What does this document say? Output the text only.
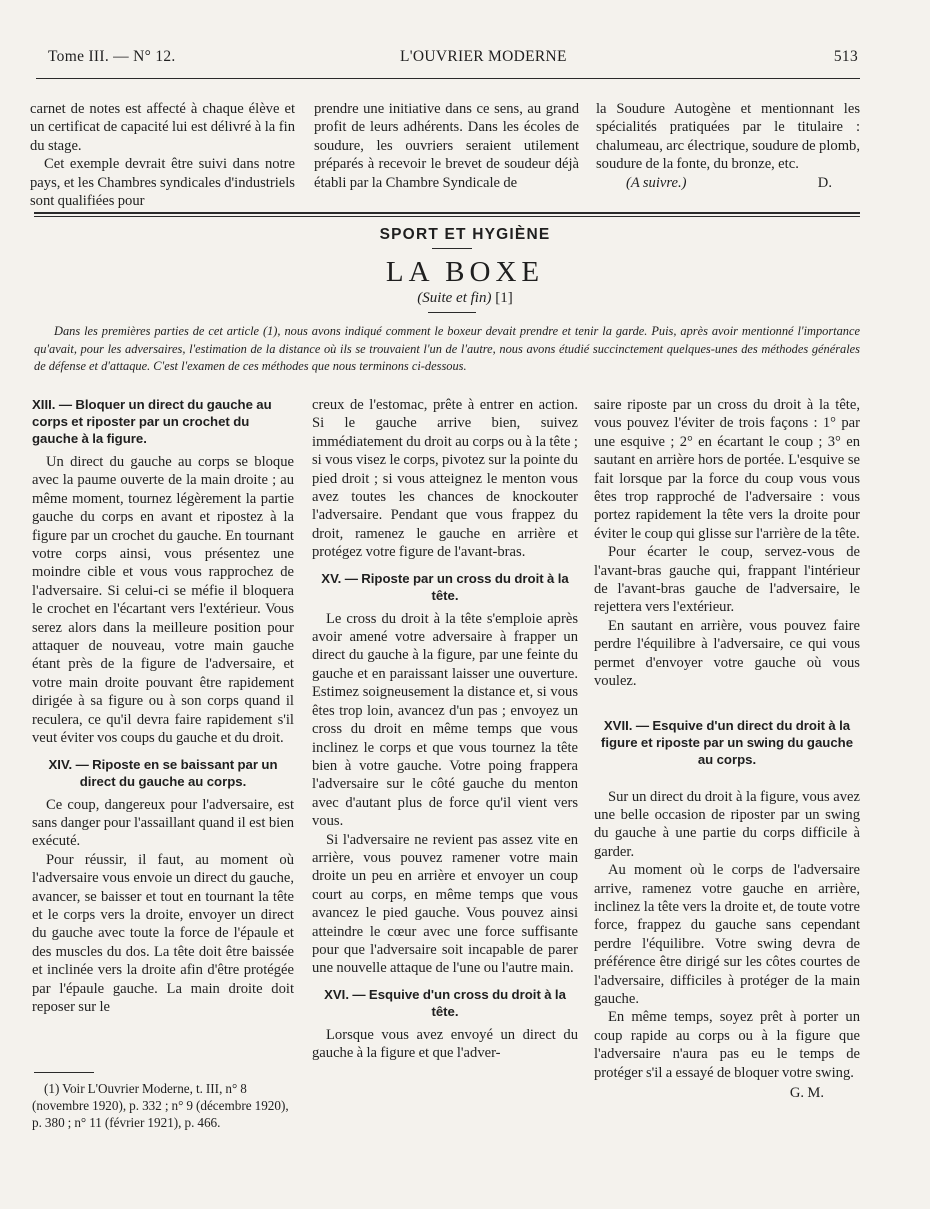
Tome III. — N° 12.	L'OUVRIER MODERNE	513

carnet de notes est affecté à chaque élève et un certificat de capacité lui est délivré à la fin du stage.

Cet exemple devrait être suivi dans notre pays, et les Chambres syndicales d'industriels sont qualifiées pour

prendre une initiative dans ce sens, au grand profit de leurs adhérents. Dans les écoles de soudure, les ouvriers seraient utilement préparés à recevoir le brevet de soudeur déjà établi par la Chambre Syndicale de

la Soudure Autogène et mentionnant les spécialités pratiquées par le titulaire : chalumeau, arc électrique, soudure de plomb, soudure de la fonte, du bronze, etc.

(A suivre.)	D.
SPORT ET HYGIÈNE
LA BOXE
(Suite et fin) [1]
Dans les premières parties de cet article (1), nous avons indiqué comment le boxeur devait prendre et tenir la garde. Puis, après avoir mentionné l'importance qu'avait, pour les adversaires, l'estimation de la distance où ils se trouvaient l'un de l'autre, nous avons étudié succinctement quelques-unes des méthodes générales de défense et d'attaque. C'est l'examen de ces méthodes que nous terminons ci-dessous.
XIII. — Bloquer un direct du gauche au corps et riposter par un crochet du gauche à la figure.

Un direct du gauche au corps se bloque avec la paume ouverte de la main droite ; au même moment, tournez légèrement la partie gauche du corps en avant et ripostez à la figure par un crochet du gauche. En tournant votre corps ainsi, vous présentez une moindre cible et vous vous rapprochez de l'adversaire. Si celui-ci se méfie il bloquera le crochet en l'écartant vers l'extérieur. Vous serez alors dans la meilleure position pour attaquer de nouveau, votre main gauche étant près de la figure de l'adversaire, et votre main droite pouvant être rapidement dirigée à sa figure ou à son corps quand il reculera, ce qu'il devra faire rapidement s'il veut éviter vos coups du gauche et du droit.

XIV. — Riposte en se baissant par un direct du gauche au corps.

Ce coup, dangereux pour l'adversaire, est sans danger pour l'assaillant quand il est bien exécuté.

Pour réussir, il faut, au moment où l'adversaire vous envoie un direct du gauche, avancer, se baisser et tout en tournant la tête et le corps vers la droite, envoyer un direct du gauche avec toute la force de l'épaule et des muscles du dos. La tête doit être baissée et inclinée vers la droite afin d'être protégée par l'épaule gauche. La main droite doit reposer sur le

(1) Voir L'Ouvrier Moderne, t. III, n° 8 (novembre 1920), p. 332 ; n° 9 (décembre 1920), p. 380 ; n° 11 (février 1921), p. 466.

creux de l'estomac, prête à entrer en action. Si le gauche arrive bien, suivez immédiatement du droit au corps ou à la tête ; si vous visez le corps, pivotez sur la pointe du pied droit ; si vous atteignez le menton vous avez toutes les chances de knockouter l'adversaire. Pendant que vous frappez du droit, ramenez le gauche en arrière et protégez votre figure de l'avant-bras.

XV. — Riposte par un cross du droit à la tête.

Le cross du droit à la tête s'emploie après avoir amené votre adversaire à frapper un direct du gauche à la figure, par une feinte du gauche et en paraissant laisser une ouverture. Estimez soigneusement la distance et, si vous êtes trop loin, avancez d'un pas ; envoyez un cross du droit en même temps que vous inclinez le corps et que vous tournez la tête bien à votre gauche. Votre poing frappera l'adversaire sur le côté gauche du menton avec d'autant plus de force qu'il vient vers vous.

Si l'adversaire ne revient pas assez vite en arrière, vous pouvez ramener votre main droite un peu en arrière et envoyer un coup court au corps, en même temps que vous avancez le pied gauche. Vous pouvez ainsi atteindre le cœur avec une force suffisante pour que l'adversaire soit incapable de parer une nouvelle attaque de l'une ou l'autre main.

XVI. — Esquive d'un cross du droit à la tête.

Lorsque vous avez envoyé un direct du gauche à la figure et que l'adver-

saire riposte par un cross du droit à la tête, vous pouvez l'éviter de trois façons : 1° par une esquive ; 2° en écartant le coup ; 3° en sautant en arrière hors de portée. L'esquive se fait lorsque par la force du coup vous vous êtes trop rapproché de l'adversaire : vous portez rapidement la tête vers la droite pour éviter le coup qui glisse sur l'arrière de la tête.

Pour écarter le coup, servez-vous de l'avant-bras gauche qui, frappant l'intérieur de l'avant-bras gauche de l'adversaire, le rejettera vers l'extérieur.

En sautant en arrière, vous pouvez faire perdre l'équilibre à l'adversaire, ce qui vous permet d'envoyer votre gauche où vous voulez.

XVII. — Esquive d'un direct du droit à la figure et riposte par un swing du gauche au corps.

Sur un direct du droit à la figure, vous avez une belle occasion de riposter par un swing du gauche à une partie du corps difficile à garder.

Au moment où le corps de l'adversaire arrive, ramenez votre gauche en arrière, inclinez la tête vers la droite et, de toute votre force, frappez du gauche sans cependant perdre l'équilibre. Votre swing devra de préférence être dirigé sur les côtes courtes de l'adversaire, difficiles à protéger de la main gauche.

En même temps, soyez prêt à porter un coup rapide au corps ou à la figure que l'adversaire n'aura pas eu le temps de protéger s'il a essayé de bloquer votre swing.

G. M.
